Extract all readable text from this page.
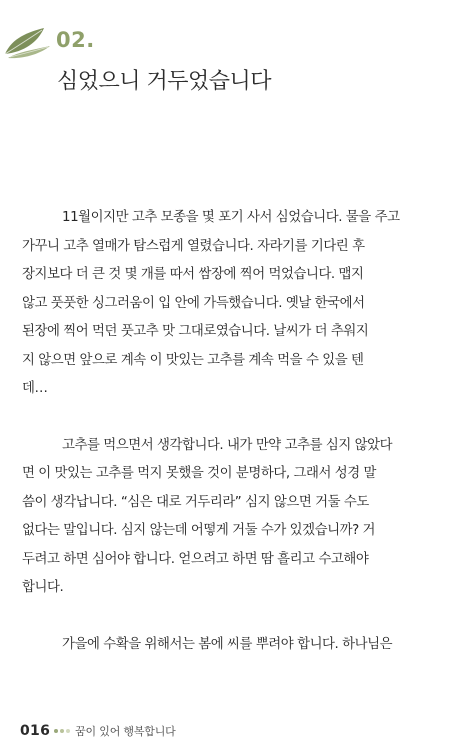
02.
심었으니 거두었습니다

11월이지만 고추 모종을 몇 포기 사서 심었습니다. 물을 주고
가꾸니 고추 열매가 탐스럽게 열렸습니다. 자라기를 기다린 후
장지보다 더 큰 것 몇 개를 따서 쌈장에 찍어 먹었습니다. 맵지
않고 풋풋한 싱그러움이 입 안에 가득했습니다. 옛날 한국에서
된장에 찍어 먹던 풋고추 맛 그대로였습니다. 날씨가 더 추워지
지 않으면 앞으로 계속 이 맛있는 고추를 계속 먹을 수 있을 텐
데…

고추를 먹으면서 생각합니다. 내가 만약 고추를 심지 않았다
면 이 맛있는 고추를 먹지 못했을 것이 분명하다, 그래서 성경 말
씀이 생각납니다. “심은 대로 거두리라” 심지 않으면 거둘 수도
없다는 말입니다. 심지 않는데 어떻게 거둘 수가 있겠습니까? 거
두려고 하면 심어야 합니다. 얻으려고 하면 땀 흘리고 수고해야
합니다.

가을에 수확을 위해서는 봄에 씨를 뿌려야 합니다. 하나님은

016 꿈이 있어 행복합니다
